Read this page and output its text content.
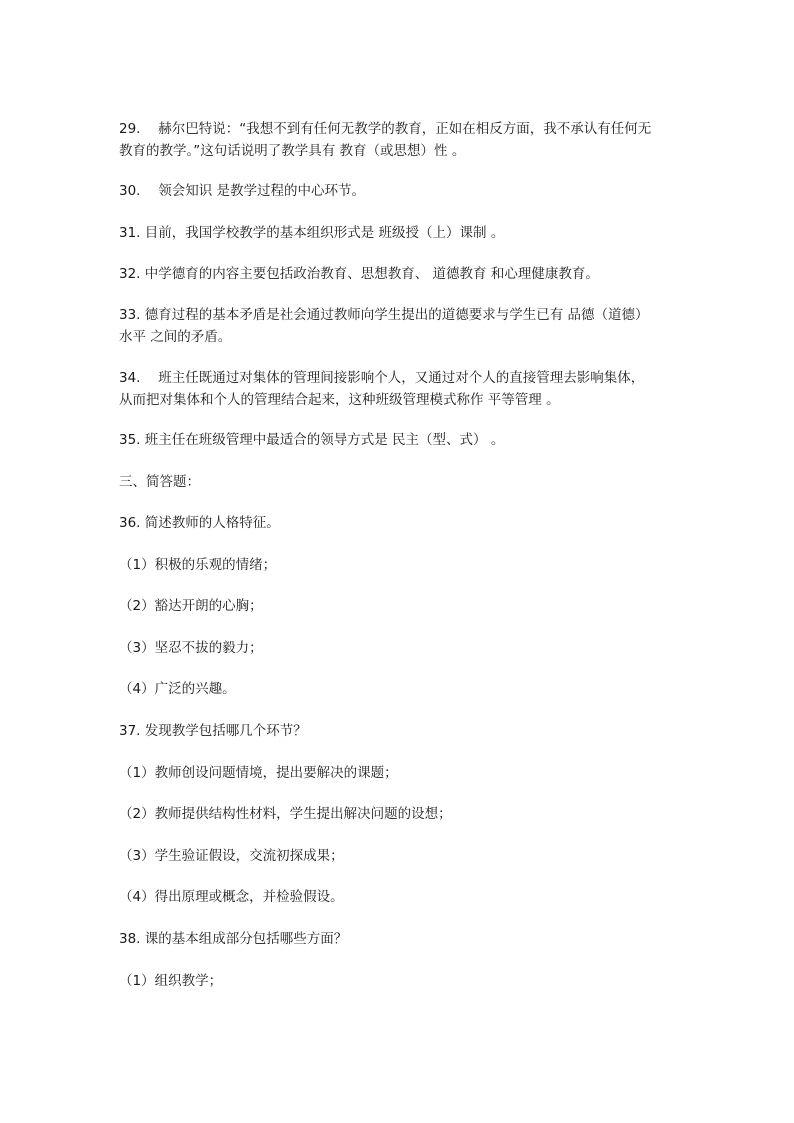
29.　 赫尔巴特说：“我想不到有任何无教学的教育，正如在相反方面，我不承认有任何无
教育的教学。”这句话说明了教学具有 教育（或思想）性 。

30.　 领会知识 是教学过程的中心环节。

31. 目前，我国学校教学的基本组织形式是 班级授（上）课制 。

32. 中学德育的内容主要包括政治教育、思想教育、 道德教育 和心理健康教育。

33. 德育过程的基本矛盾是社会通过教师向学生提出的道德要求与学生已有 品德（道德）
水平 之间的矛盾。

34.　 班主任既通过对集体的管理间接影响个人，又通过对个人的直接管理去影响集体，
从而把对集体和个人的管理结合起来，这种班级管理模式称作 平等管理 。

35. 班主任在班级管理中最适合的领导方式是 民主（型、式） 。

三、简答题：

36. 简述教师的人格特征。

（1）积极的乐观的情绪；

（2）豁达开朗的心胸；

（3）坚忍不拔的毅力；

（4）广泛的兴趣。

37. 发现教学包括哪几个环节？

（1）教师创设问题情境，提出要解决的课题；

（2）教师提供结构性材料，学生提出解决问题的设想；

（3）学生验证假设，交流初探成果；

（4）得出原理或概念，并检验假设。

38. 课的基本组成部分包括哪些方面？

（1）组织教学；
